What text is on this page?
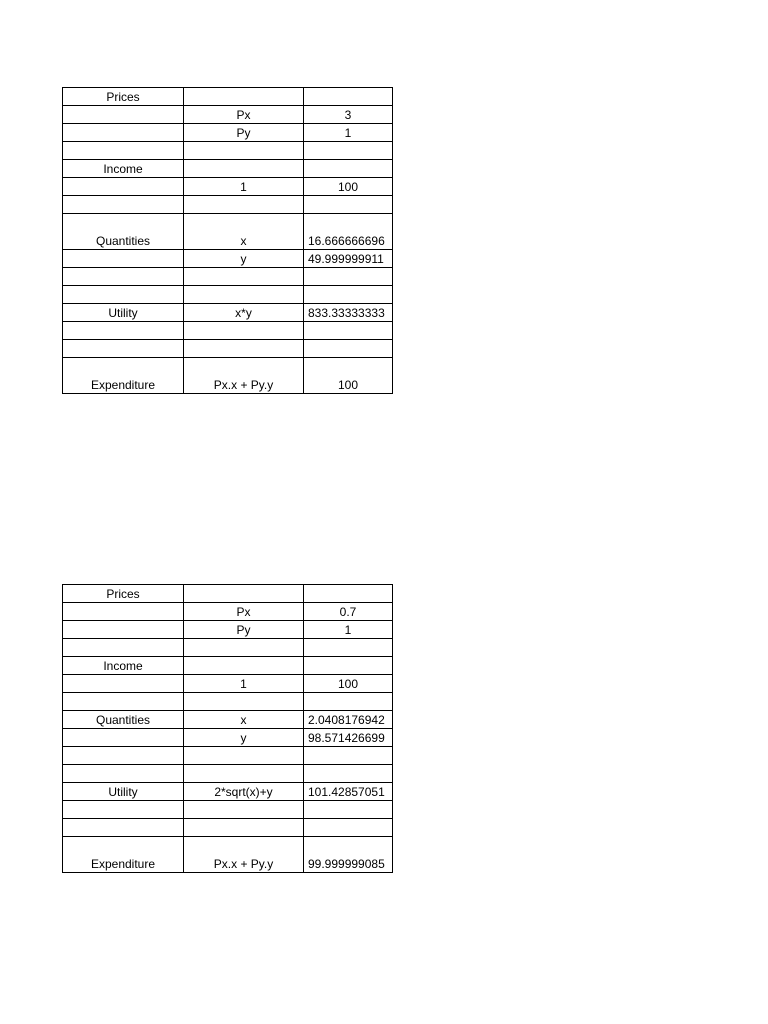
Prices		
	Px	3
	Py	1

Income		
	1	100

Quantities	x	16.666666696
	y	49.999999911

Utility	x*y	833.33333333

Expenditure	Px.x + Py.y	100
Prices		
	Px	0.7
	Py	1

Income		
	1	100

Quantities	x	2.0408176942
	y	98.571426699

Utility	2*sqrt(x)+y	101.42857051

Expenditure	Px.x + Py.y	99.999999085
